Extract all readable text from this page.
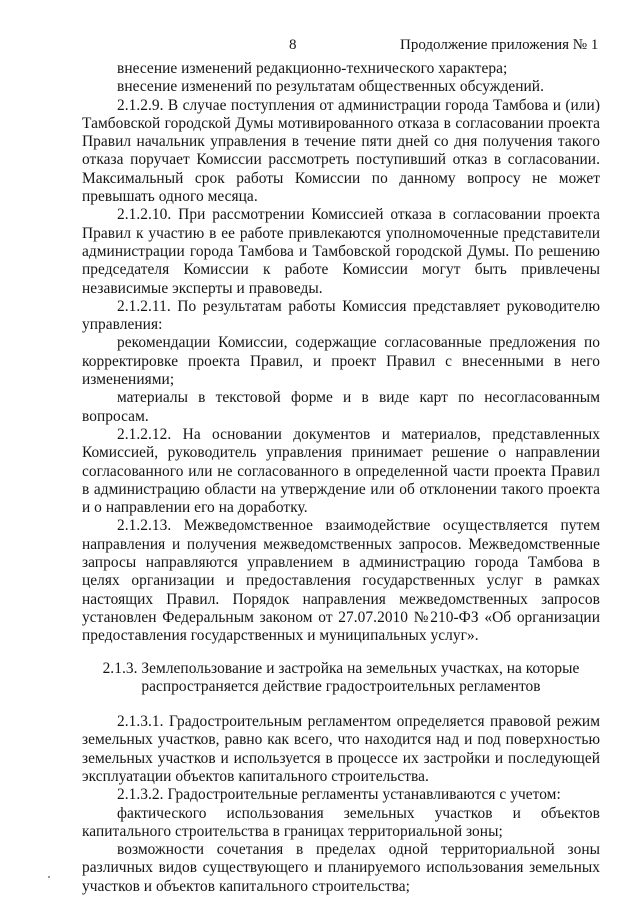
8	Продолжение приложения № 1

внесение изменений редакционно-технического характера;

внесение изменений по результатам общественных обсуждений.

2.1.2.9. В случае поступления от администрации города Тамбова и (или) Тамбовской городской Думы мотивированного отказа в согласовании проекта Правил начальник управления в течение пяти дней со дня получения такого отказа поручает Комиссии рассмотреть поступивший отказ в согласовании. Максимальный срок работы Комиссии по данному вопросу не может превышать одного месяца.

2.1.2.10. При рассмотрении Комиссией отказа в согласовании проекта Правил к участию в ее работе привлекаются уполномоченные представители администрации города Тамбова и Тамбовской городской Думы. По решению председателя Комиссии к работе Комиссии могут быть привлечены независимые эксперты и правоведы.

2.1.2.11. По результатам работы Комиссия представляет руководителю управления:

рекомендации Комиссии, содержащие согласованные предложения по корректировке проекта Правил, и проект Правил с внесенными в него изменениями;

материалы в текстовой форме и в виде карт по несогласованным вопросам.

2.1.2.12. На основании документов и материалов, представленных Комиссией, руководитель управления принимает решение о направлении согласованного или не согласованного в определенной части проекта Правил в администрацию области на утверждение или об отклонении такого проекта и о направлении его на доработку.

2.1.2.13. Межведомственное взаимодействие осуществляется путем направления и получения межведомственных запросов. Межведомственные запросы направляются управлением в администрацию города Тамбова в целях организации и предоставления государственных услуг в рамках настоящих Правил. Порядок направления межведомственных запросов установлен Федеральным законом от 27.07.2010 №210-ФЗ «Об организации предоставления государственных и муниципальных услуг».

2.1.3. Землепользование и застройка на земельных участках, на которые распространяется действие градостроительных регламентов

2.1.3.1. Градостроительным регламентом определяется правовой режим земельных участков, равно как всего, что находится над и под поверхностью земельных участков и используется в процессе их застройки и последующей эксплуатации объектов капитального строительства.

2.1.3.2. Градостроительные регламенты устанавливаются с учетом:

фактического использования земельных участков и объектов капитального строительства в границах территориальной зоны;

возможности сочетания в пределах одной территориальной зоны различных видов существующего и планируемого использования земельных участков и объектов капитального строительства;
